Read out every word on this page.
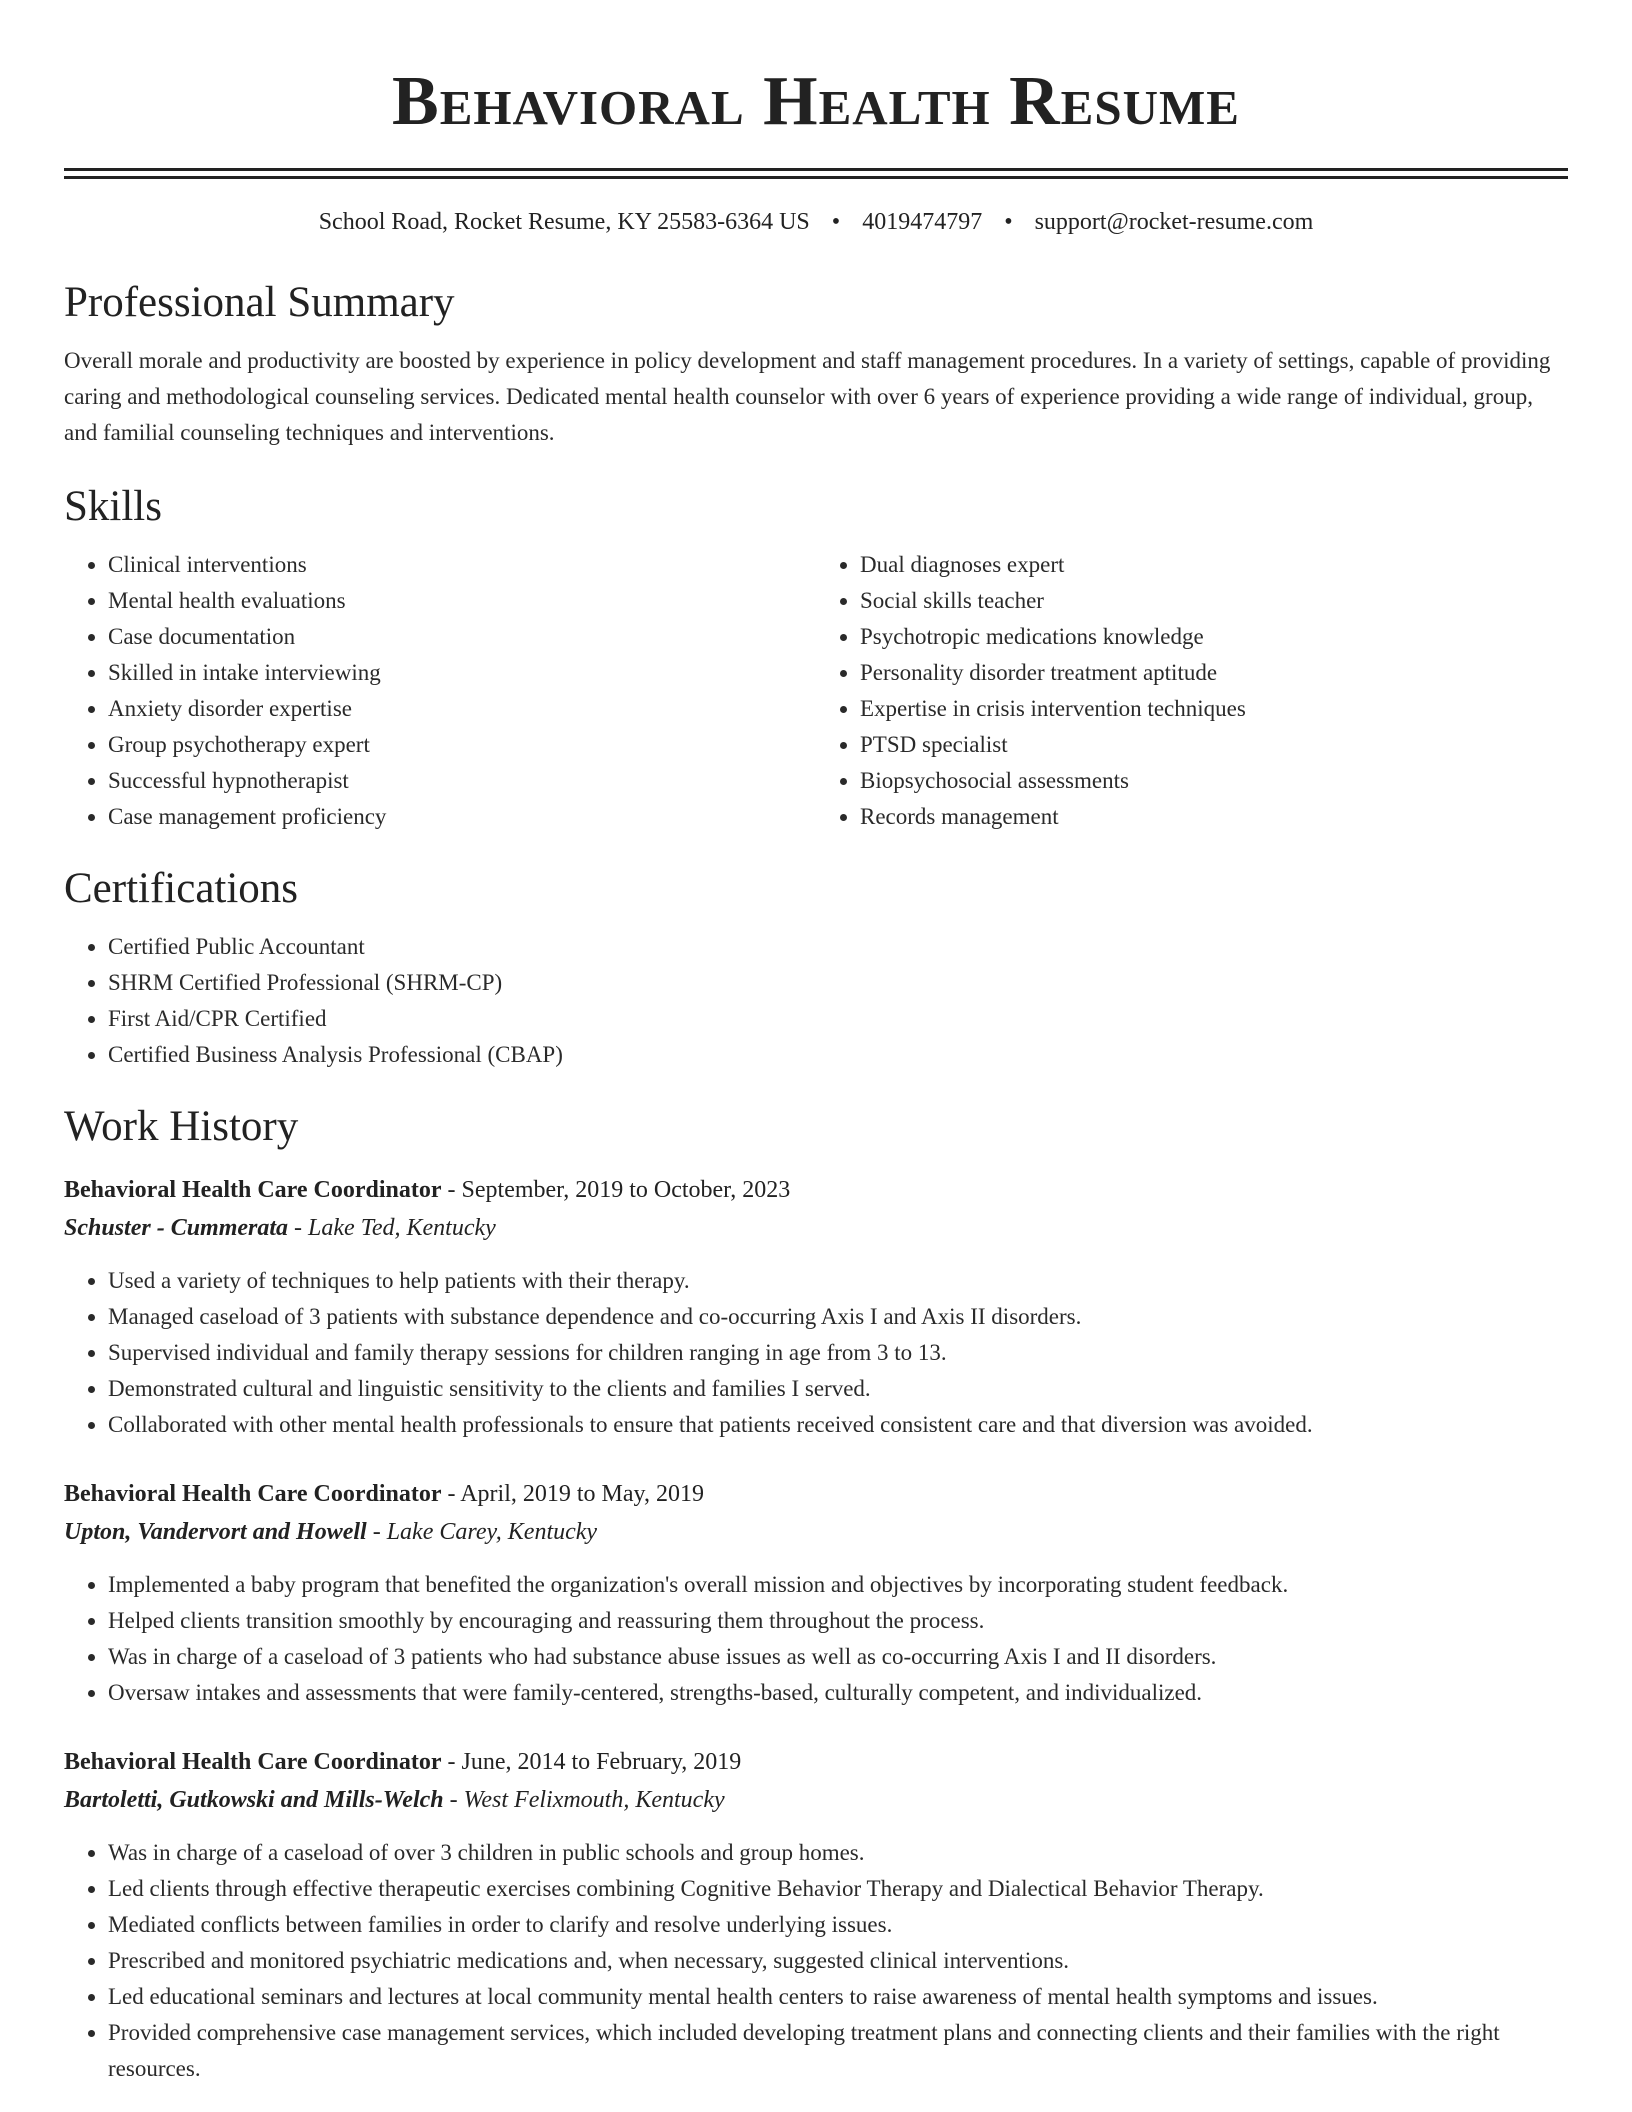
Behavioral Health Resume
School Road, Rocket Resume, KY 25583-6364 US • 4019474797 • support@rocket-resume.com
Professional Summary

Overall morale and productivity are boosted by experience in policy development and staff management procedures. In a variety of settings, capable of providing caring and methodological counseling services. Dedicated mental health counselor with over 6 years of experience providing a wide range of individual, group, and familial counseling techniques and interventions.

Skills
• Clinical interventions
• Mental health evaluations
• Case documentation
• Skilled in intake interviewing
• Anxiety disorder expertise
• Group psychotherapy expert
• Successful hypnotherapist
• Case management proficiency
• Dual diagnoses expert
• Social skills teacher
• Psychotropic medications knowledge
• Personality disorder treatment aptitude
• Expertise in crisis intervention techniques
• PTSD specialist
• Biopsychosocial assessments
• Records management
Certifications
• Certified Public Accountant
• SHRM Certified Professional (SHRM-CP)
• First Aid/CPR Certified
• Certified Business Analysis Professional (CBAP)
Work History
Behavioral Health Care Coordinator - September, 2019 to October, 2023
Schuster - Cummerata - Lake Ted, Kentucky
• Used a variety of techniques to help patients with their therapy.
• Managed caseload of 3 patients with substance dependence and co-occurring Axis I and Axis II disorders.
• Supervised individual and family therapy sessions for children ranging in age from 3 to 13.
• Demonstrated cultural and linguistic sensitivity to the clients and families I served.
• Collaborated with other mental health professionals to ensure that patients received consistent care and that diversion was avoided.
Behavioral Health Care Coordinator - April, 2019 to May, 2019
Upton, Vandervort and Howell - Lake Carey, Kentucky
• Implemented a baby program that benefited the organization's overall mission and objectives by incorporating student feedback.
• Helped clients transition smoothly by encouraging and reassuring them throughout the process.
• Was in charge of a caseload of 3 patients who had substance abuse issues as well as co-occurring Axis I and II disorders.
• Oversaw intakes and assessments that were family-centered, strengths-based, culturally competent, and individualized.
Behavioral Health Care Coordinator - June, 2014 to February, 2019
Bartoletti, Gutkowski and Mills-Welch - West Felixmouth, Kentucky
• Was in charge of a caseload of over 3 children in public schools and group homes.
• Led clients through effective therapeutic exercises combining Cognitive Behavior Therapy and Dialectical Behavior Therapy.
• Mediated conflicts between families in order to clarify and resolve underlying issues.
• Prescribed and monitored psychiatric medications and, when necessary, suggested clinical interventions.
• Led educational seminars and lectures at local community mental health centers to raise awareness of mental health symptoms and issues.
• Provided comprehensive case management services, which included developing treatment plans and connecting clients and their families with the right resources.
